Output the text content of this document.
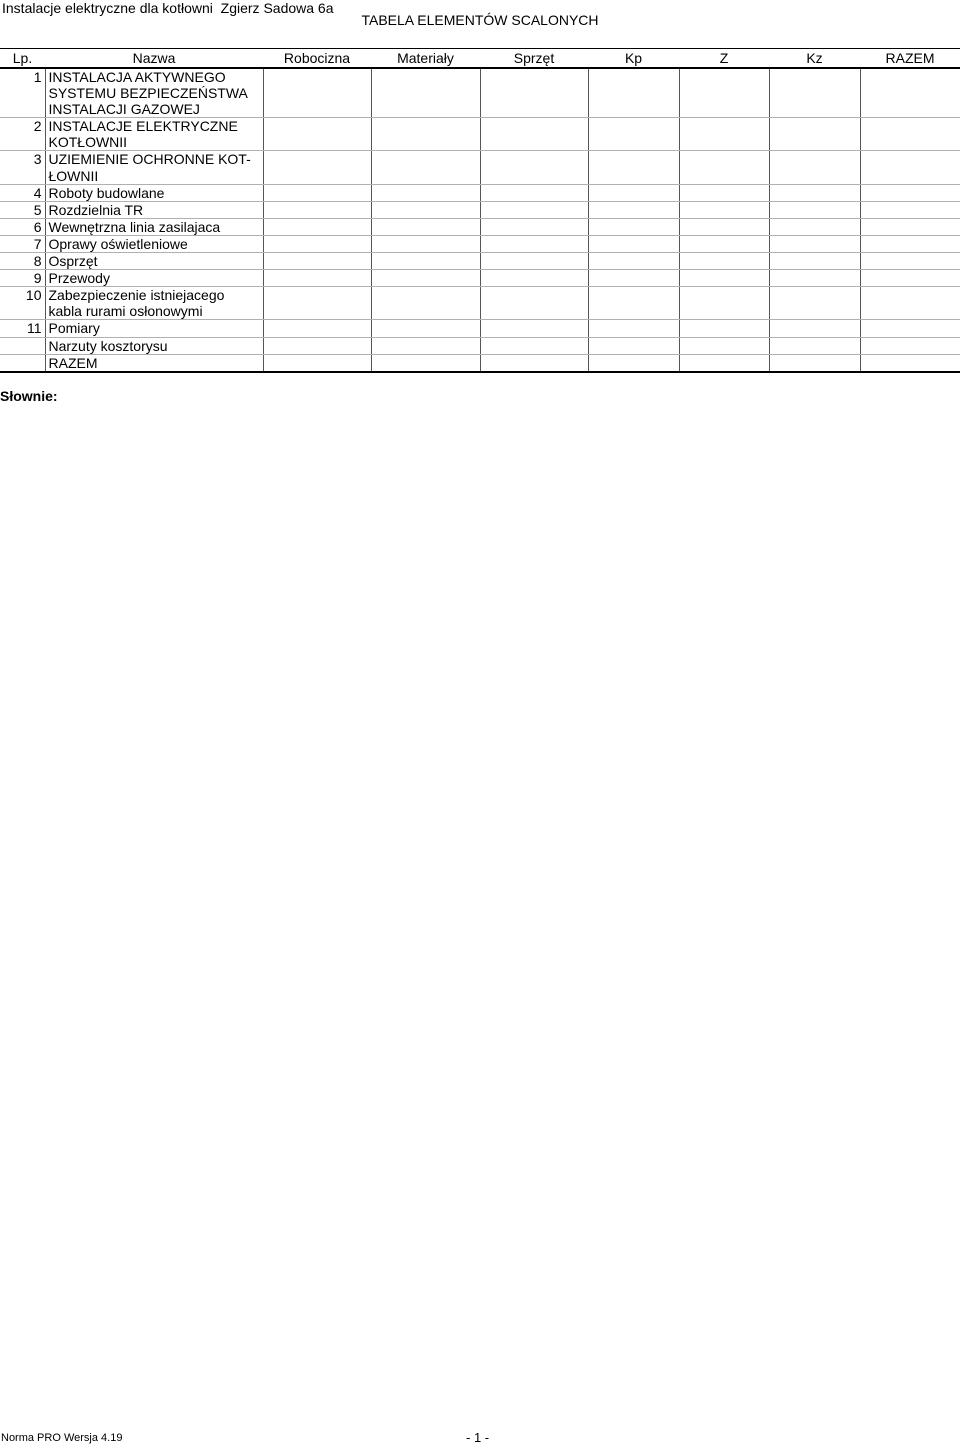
Instalacje elektryczne dla kotłowni  Zgierz Sadowa 6a
TABELA ELEMENTÓW SCALONYCH
Lp.	Nazwa	Robocizna	Materiały	Sprzęt	Kp	Z	Kz	RAZEM
1	INSTALACJA AKTYWNEGO
SYSTEMU BEZPIECZEŃSTWA
INSTALACJI GAZOWEJ							
2	INSTALACJE ELEKTRYCZNE
KOTŁOWNII							
3	UZIEMIENIE OCHRONNE KOT-
ŁOWNII							
4	Roboty budowlane							
5	Rozdzielnia TR							
6	Wewnętrzna linia zasilajaca							
7	Oprawy oświetleniowe							
8	Osprzęt							
9	Przewody							
10	Zabezpieczenie istniejacego
kabla rurami osłonowymi							
11	Pomiary							
	Narzuty kosztorysu							
	RAZEM							
Słownie:
Norma PRO Wersja 4.19	- 1 -
